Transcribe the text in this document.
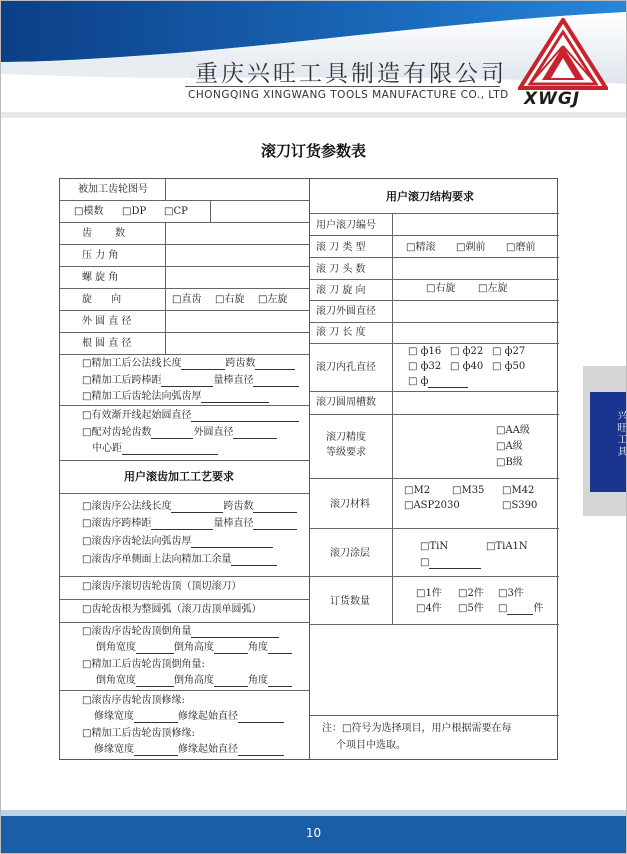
重庆兴旺工具制造有限公司
CHONGQING XINGWANG TOOLS MANUFACTURE CO., LTD XWGJ
滚刀订货参数表
被加工齿轮图号
□模数 □DP □CP
齿 数
压 力 角
螺 旋 角
旋 向	□直齿 □右旋 □左旋
外 圆 直 径
根 圆 直 径
□精加工后公法线长度	跨齿数
□精加工后跨棒距	量棒直径
□精加工后齿轮法向弧齿厚
□有效渐开线起始圆直径
□配对齿轮齿数	外圆直径
中心距
用户滚齿加工工艺要求
□滚齿序公法线长度	跨齿数
□滚齿序跨棒距	量棒直径
□滚齿序齿轮法向弧齿厚
□滚齿序单侧面上法向精加工余量
□滚齿序滚切齿轮齿顶（顶切滚刀）
□齿轮齿根为整圆弧（滚刀齿顶单圆弧）
□滚齿序齿轮齿顶倒角量
倒角宽度	倒角高度	角度
□精加工后齿轮齿顶倒角量:
倒角宽度	倒角高度	角度
□滚齿序齿轮齿顶修缘:
修缘宽度	修缘起始直径
□精加工后齿轮齿顶修缘:
修缘宽度	修缘起始直径
用户滚刀结构要求
用户滚刀编号
滚 刀 类 型	□精滚 □剃前 □磨前
滚 刀 头 数
滚 刀 旋 向	□右旋 □左旋
滚刀外圆直径
滚 刀 长 度
滚刀内孔直径
□ ф16 □ ф22 □ ф27
□ ф32 □ ф40 □ ф50
□ ф
滚刀圆周槽数
滚刀精度
等级要求
□AA级
□A级
□B级
滚刀材料
□M2 □M35 □M42
□ASP2030	□S390
滚刀涂层
□TiN	□TiA1N
□
订货数量
□1件 □2件 □3件
□4件 □5件 □	件
注：□符号为选择项目，用户根据需要在每
个项目中选取。
兴旺工具
10
